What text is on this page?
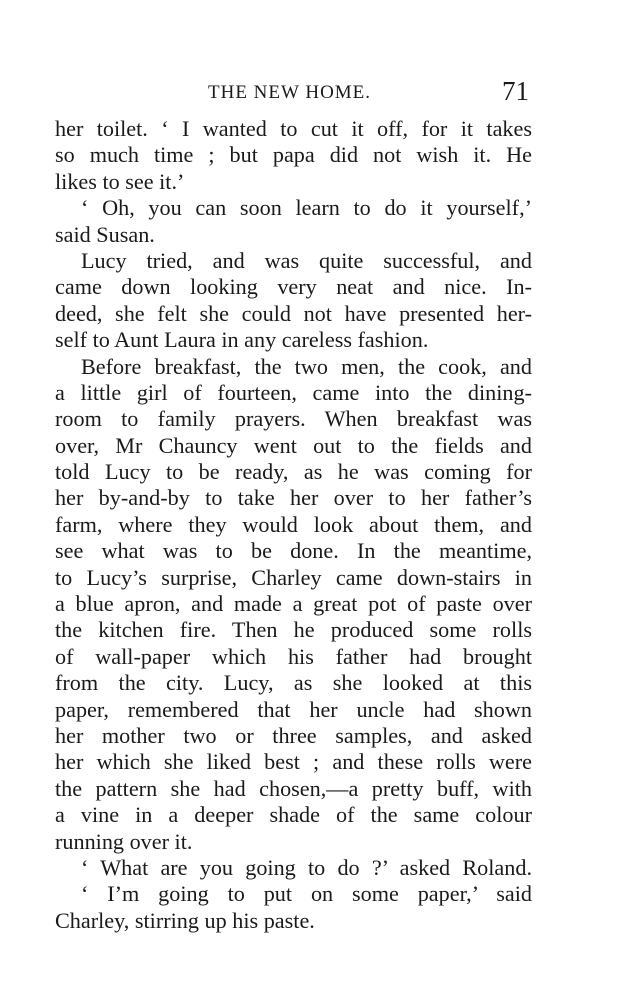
THE NEW HOME.	71
her toilet. ‘ I wanted to cut it off, for it takes
so much time ; but papa did not wish it. He
likes to see it.’
‘ Oh, you can soon learn to do it yourself,’
said Susan.
Lucy tried, and was quite successful, and
came down looking very neat and nice. In-
deed, she felt she could not have presented her-
self to Aunt Laura in any careless fashion.
Before breakfast, the two men, the cook, and
a little girl of fourteen, came into the dining-
room to family prayers. When breakfast was
over, Mr Chauncy went out to the fields and
told Lucy to be ready, as he was coming for
her by-and-by to take her over to her father’s
farm, where they would look about them, and
see what was to be done. In the meantime,
to Lucy’s surprise, Charley came down-stairs in
a blue apron, and made a great pot of paste over
the kitchen fire. Then he produced some rolls
of wall-paper which his father had brought
from the city. Lucy, as she looked at this
paper, remembered that her uncle had shown
her mother two or three samples, and asked
her which she liked best ; and these rolls were
the pattern she had chosen,—a pretty buff, with
a vine in a deeper shade of the same colour
running over it.
‘ What are you going to do ?’ asked Roland.
‘ I’m going to put on some paper,’ said
Charley, stirring up his paste.
